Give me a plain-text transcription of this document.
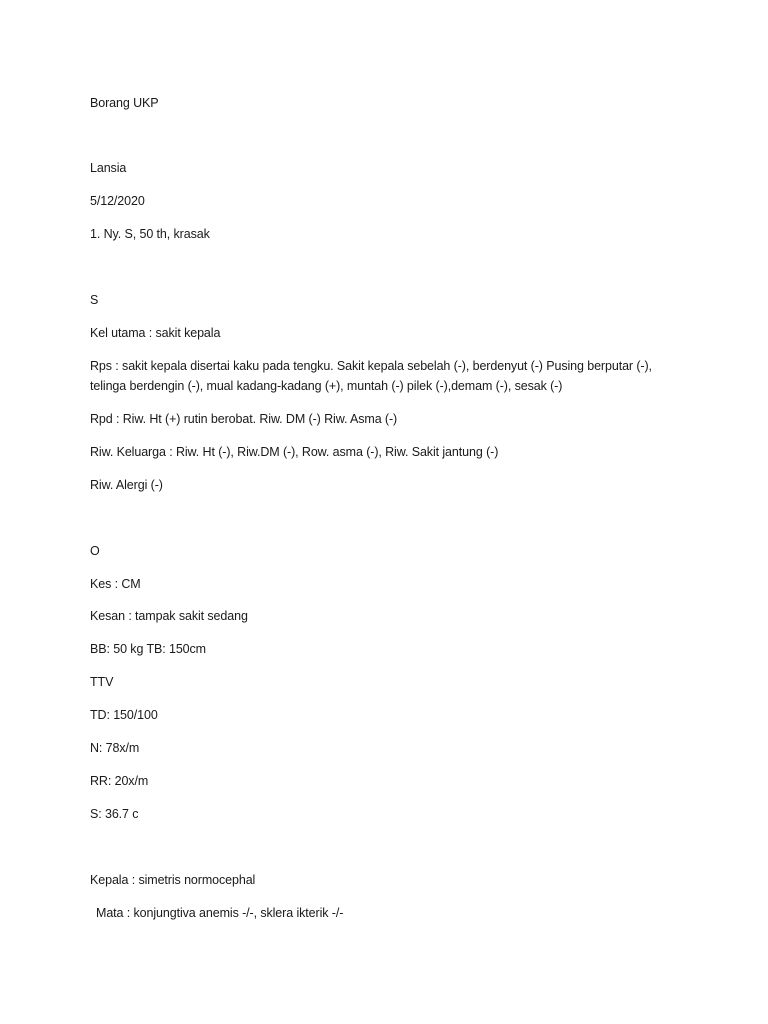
Borang UKP
Lansia
5/12/2020
1. Ny. S, 50 th, krasak
S
Kel utama : sakit kepala
Rps : sakit kepala disertai kaku pada tengku. Sakit kepala sebelah (-), berdenyut (-) Pusing berputar (-),
telinga berdengin (-), mual kadang-kadang (+), muntah (-) pilek (-),demam (-), sesak (-)
Rpd : Riw. Ht (+) rutin berobat. Riw. DM (-) Riw. Asma (-)
Riw. Keluarga : Riw. Ht (-), Riw.DM (-), Row. asma (-), Riw. Sakit jantung (-)
Riw. Alergi (-)
O
Kes : CM
Kesan : tampak sakit sedang
BB: 50 kg TB: 150cm
TTV
TD: 150/100
N: 78x/m
RR: 20x/m
S: 36.7 c
Kepala : simetris normocephal
Mata : konjungtiva anemis -/-, sklera ikterik -/-
